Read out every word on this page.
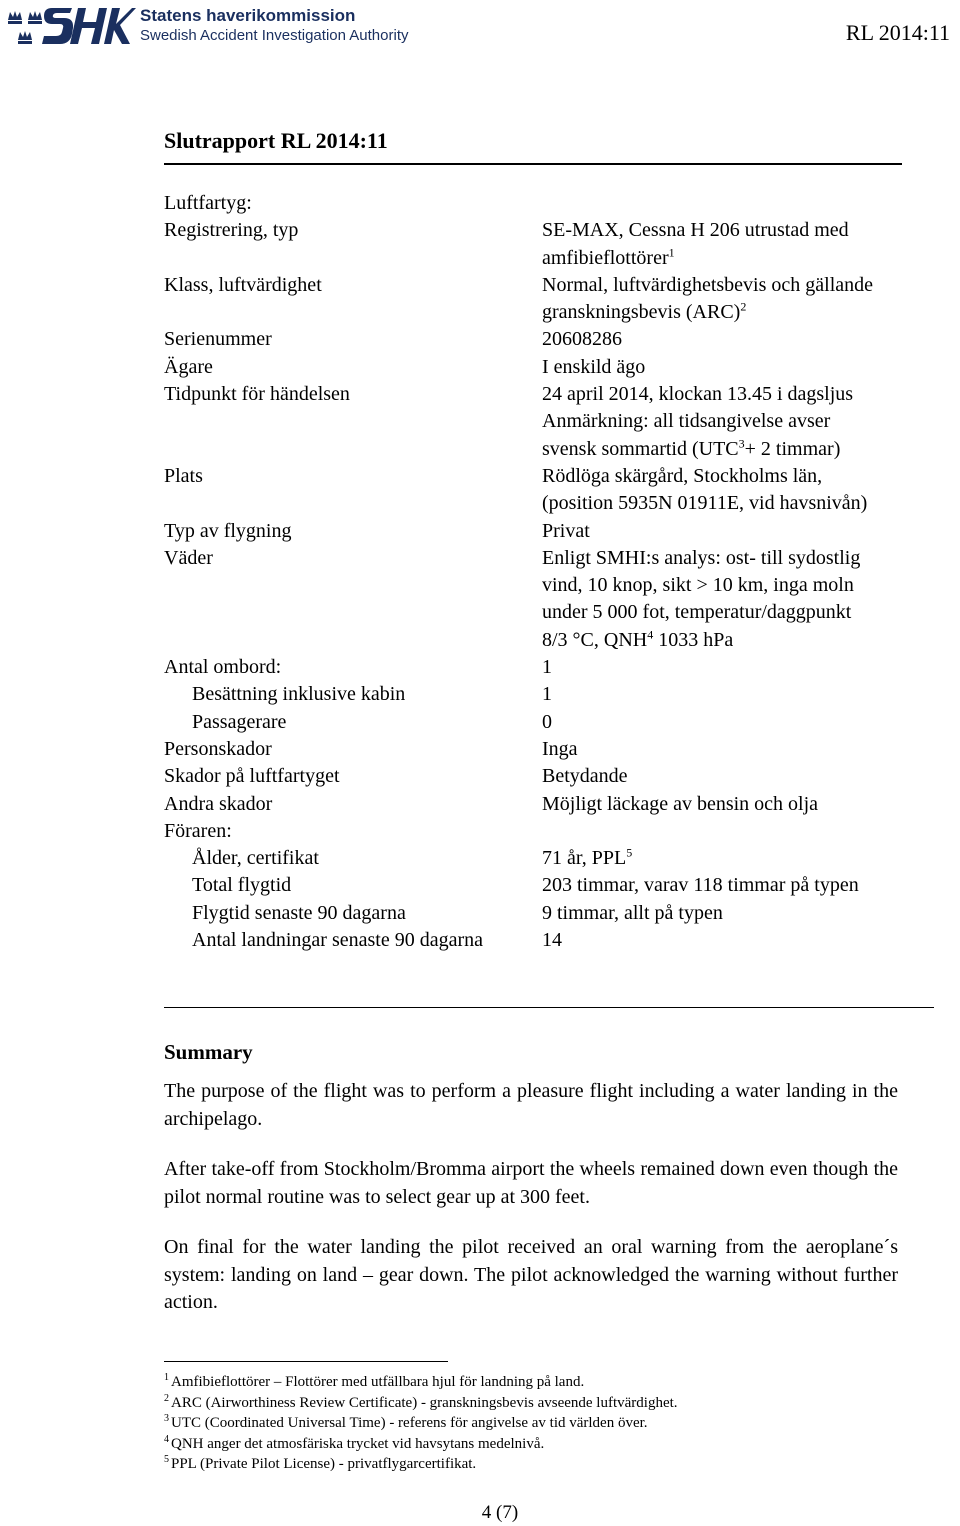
Statens haverikommission
Swedish Accident Investigation Authority	RL 2014:11
Slutrapport RL 2014:11
Luftfartyg:
Registrering, typ	SE-MAX, Cessna H 206 utrustad med
amfibieflottörer$^1$
Klass, luftvärdighet	Normal, luftvärdighetsbevis och gällande
granskningsbevis (ARC)$^2$
Serienummer	20608286
Ägare	I enskild ägo
Tidpunkt för händelsen	24 april 2014, klockan 13.45 i dagsljus
Anmärkning: all tidsangivelse avser
svensk sommartid ($UTC^3+ 2$ timmar)
Plats	Rödlöga skärgård, Stockholms län,
(position 5935N 01911E, vid havsnivån)
Typ av flygning	Privat
Väder	Enligt SMHI:s analys: ost- till sydostlig
vind, 10 knop, sikt > 10 km, inga moln
under 5 000 fot, temperatur/daggpunkt
8/3 °C, QNH$^4$ 1033 hPa
Antal ombord:	1
Besättning inklusive kabin	1
Passagerare	0
Personskador	Inga
Skador på luftfartyget	Betydande
Andra skador	Möjligt läckage av bensin och olja
Föraren:
Ålder, certifikat	71 år, PPL$^5$
Total flygtid	203 timmar, varav 118 timmar på typen
Flygtid senaste 90 dagarna	9 timmar, allt på typen
Antal landningar senaste 90 dagarna	14
Summary
The purpose of the flight was to perform a pleasure flight including a water landing in the archipelago.
After take-off from Stockholm/Bromma airport the wheels remained down even though the pilot normal routine was to select gear up at 300 feet.
On final for the water landing the pilot received an oral warning from the aeroplane´s system: landing on land – gear down. The pilot acknowledged the warning without further action.
$^1$ Amfibieflottörer – Flottörer med utfällbara hjul för landning på land.
$^2$ ARC (Airworthiness Review Certificate) - granskningsbevis avseende luftvärdighet.
$^3$ UTC (Coordinated Universal Time) - referens för angivelse av tid världen över.
$^4$ QNH anger det atmosfäriska trycket vid havsytans medelnivå.
$^5$ PPL (Private Pilot License) - privatflygarcertifikat.
4 (7)
